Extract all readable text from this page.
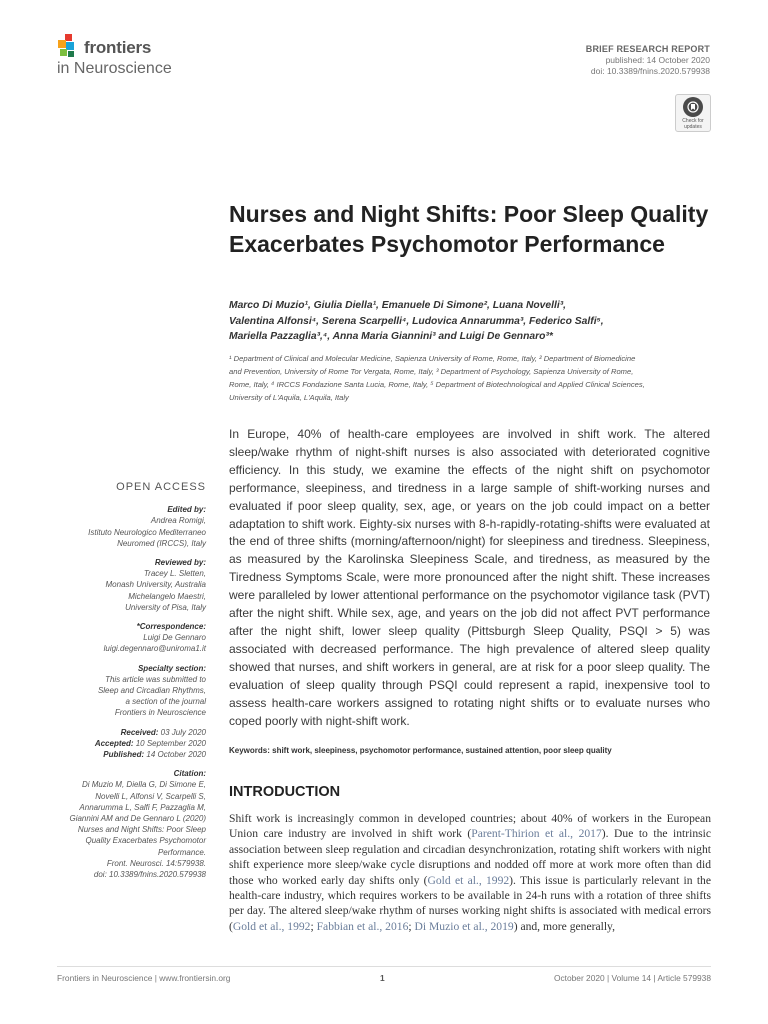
frontiers
in Neuroscience
BRIEF RESEARCH REPORT
published: 14 October 2020
doi: 10.3389/fnins.2020.579938
Check for
updates
Nurses and Night Shifts: Poor Sleep Quality Exacerbates Psychomotor Performance
Marco Di Muzio¹, Giulia Diella¹, Emanuele Di Simone², Luana Novelli³,
Valentina Alfonsi⁴, Serena Scarpelli⁴, Ludovica Annarumma³, Federico Salfi⁵,
Mariella Pazzaglia³,⁴, Anna Maria Giannini³ and Luigi De Gennaro³*
¹ Department of Clinical and Molecular Medicine, Sapienza University of Rome, Rome, Italy, ² Department of Biomedicine
and Prevention, University of Rome Tor Vergata, Rome, Italy, ³ Department of Psychology, Sapienza University of Rome,
Rome, Italy, ⁴ IRCCS Fondazione Santa Lucia, Rome, Italy, ⁵ Department of Biotechnological and Applied Clinical Sciences,
University of L'Aquila, L'Aquila, Italy
In Europe, 40% of health-care employees are involved in shift work. The altered sleep/wake rhythm of night-shift nurses is also associated with deteriorated cognitive efficiency. In this study, we examine the effects of the night shift on psychomotor performance, sleepiness, and tiredness in a large sample of shift-working nurses and evaluated if poor sleep quality, sex, age, or years on the job could impact on a better adaptation to shift work. Eighty-six nurses with 8-h-rapidly-rotating-shifts were evaluated at the end of three shifts (morning/afternoon/night) for sleepiness and tiredness. Sleepiness, as measured by the Karolinska Sleepiness Scale, and tiredness, as measured by the Tiredness Symptoms Scale, were more pronounced after the night shift. These increases were paralleled by lower attentional performance on the psychomotor vigilance task (PVT) after the night shift. While sex, age, and years on the job did not affect PVT performance after the night shift, lower sleep quality (Pittsburgh Sleep Quality, PSQI > 5) was associated with decreased performance. The high prevalence of altered sleep quality showed that nurses, and shift workers in general, are at risk for a poor sleep quality. The evaluation of sleep quality through PSQI could represent a rapid, inexpensive tool to assess health-care workers assigned to rotating night shifts or to evaluate nurses who coped poorly with night-shift work.
Keywords: shift work, sleepiness, psychomotor performance, sustained attention, poor sleep quality
INTRODUCTION
Shift work is increasingly common in developed countries; about 40% of workers in the European Union care industry are involved in shift work (Parent-Thirion et al., 2017). Due to the intrinsic association between sleep regulation and circadian desynchronization, rotating shift workers with night shift experience more sleep/wake cycle disruptions and nodded off more at work more often than did those who worked early day shifts only (Gold et al., 1992). This issue is particularly relevant in the health-care industry, which requires workers to be available in 24-h runs with a rotation of three shifts per day. The altered sleep/wake rhythm of nurses working night shifts is associated with medical errors (Gold et al., 1992; Fabbian et al., 2016; Di Muzio et al., 2019) and, more generally,
OPEN ACCESS
Edited by:
Andrea Romigi,
Istituto Neurologico Mediterraneo
Neuromed (IRCCS), Italy
Reviewed by:
Tracey L. Sletten,
Monash University, Australia
Michelangelo Maestri,
University of Pisa, Italy
*Correspondence:
Luigi De Gennaro
luigi.degennaro@uniroma1.it
Specialty section:
This article was submitted to
Sleep and Circadian Rhythms,
a section of the journal
Frontiers in Neuroscience
Received: 03 July 2020
Accepted: 10 September 2020
Published: 14 October 2020
Citation:
Di Muzio M, Diella G, Di Simone E,
Novelli L, Alfonsi V, Scarpelli S,
Annarumma L, Salfi F, Pazzaglia M,
Giannini AM and De Gennaro L (2020)
Nurses and Night Shifts: Poor Sleep
Quality Exacerbates Psychomotor
Performance.
Front. Neurosci. 14:579938.
doi: 10.3389/fnins.2020.579938
Frontiers in Neuroscience | www.frontiersin.org	1	October 2020 | Volume 14 | Article 579938
